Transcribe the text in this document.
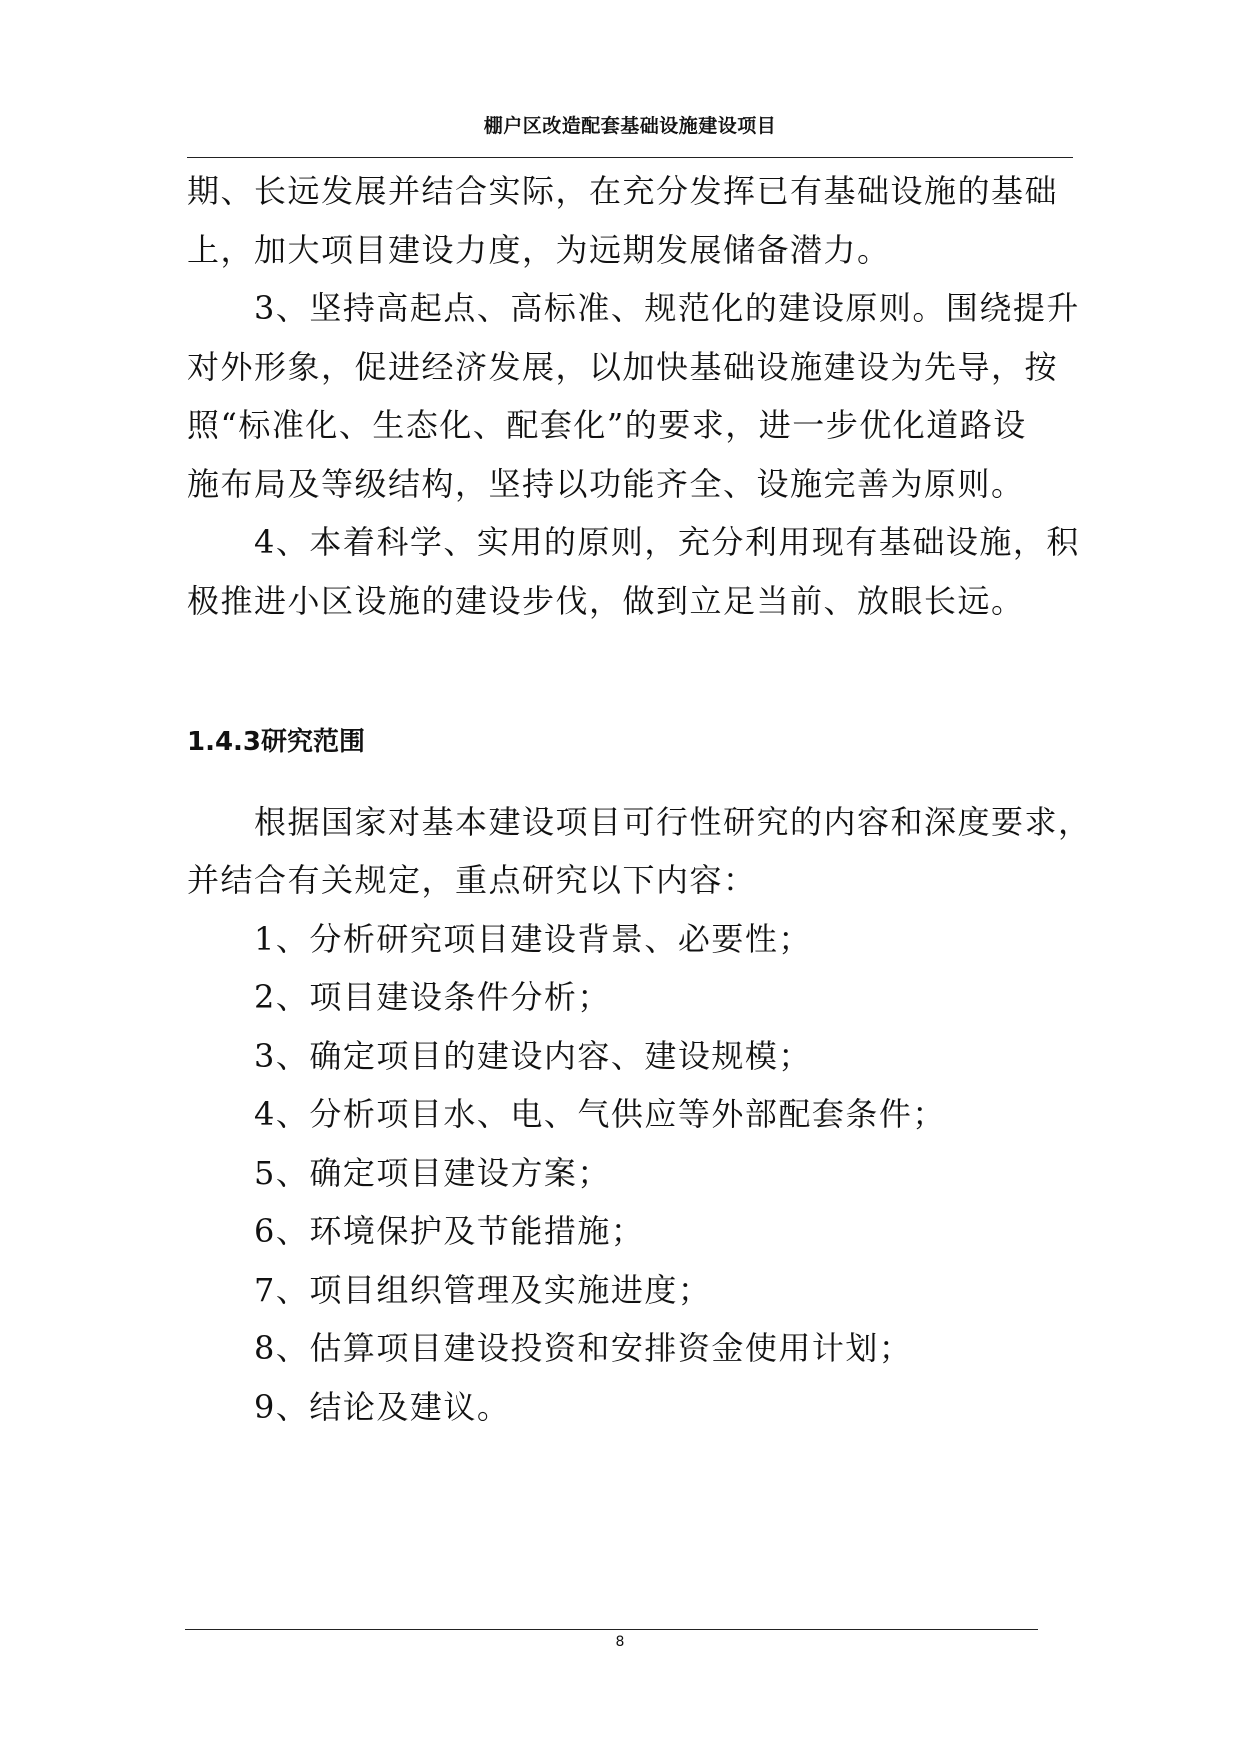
棚户区改造配套基础设施建设项目

期、长远发展并结合实际，在充分发挥已有基础设施的基础

上，加大项目建设力度，为远期发展储备潜力。

　　3、坚持高起点、高标准、规范化的建设原则。围绕提升

对外形象，促进经济发展，以加快基础设施建设为先导，按

照“标准化、生态化、配套化”的要求，进一步优化道路设

施布局及等级结构，坚持以功能齐全、设施完善为原则。

　　4、本着科学、实用的原则，充分利用现有基础设施，积

极推进小区设施的建设步伐，做到立足当前、放眼长远。

1.4.3研究范围

　　根据国家对基本建设项目可行性研究的内容和深度要求，

并结合有关规定，重点研究以下内容：

　　1、分析研究项目建设背景、必要性；

　　2、项目建设条件分析；

　　3、确定项目的建设内容、建设规模；

　　4、分析项目水、电、气供应等外部配套条件；

　　5、确定项目建设方案；

　　6、环境保护及节能措施；

　　7、项目组织管理及实施进度；

　　8、估算项目建设投资和安排资金使用计划；

　　9、结论及建议。

8
